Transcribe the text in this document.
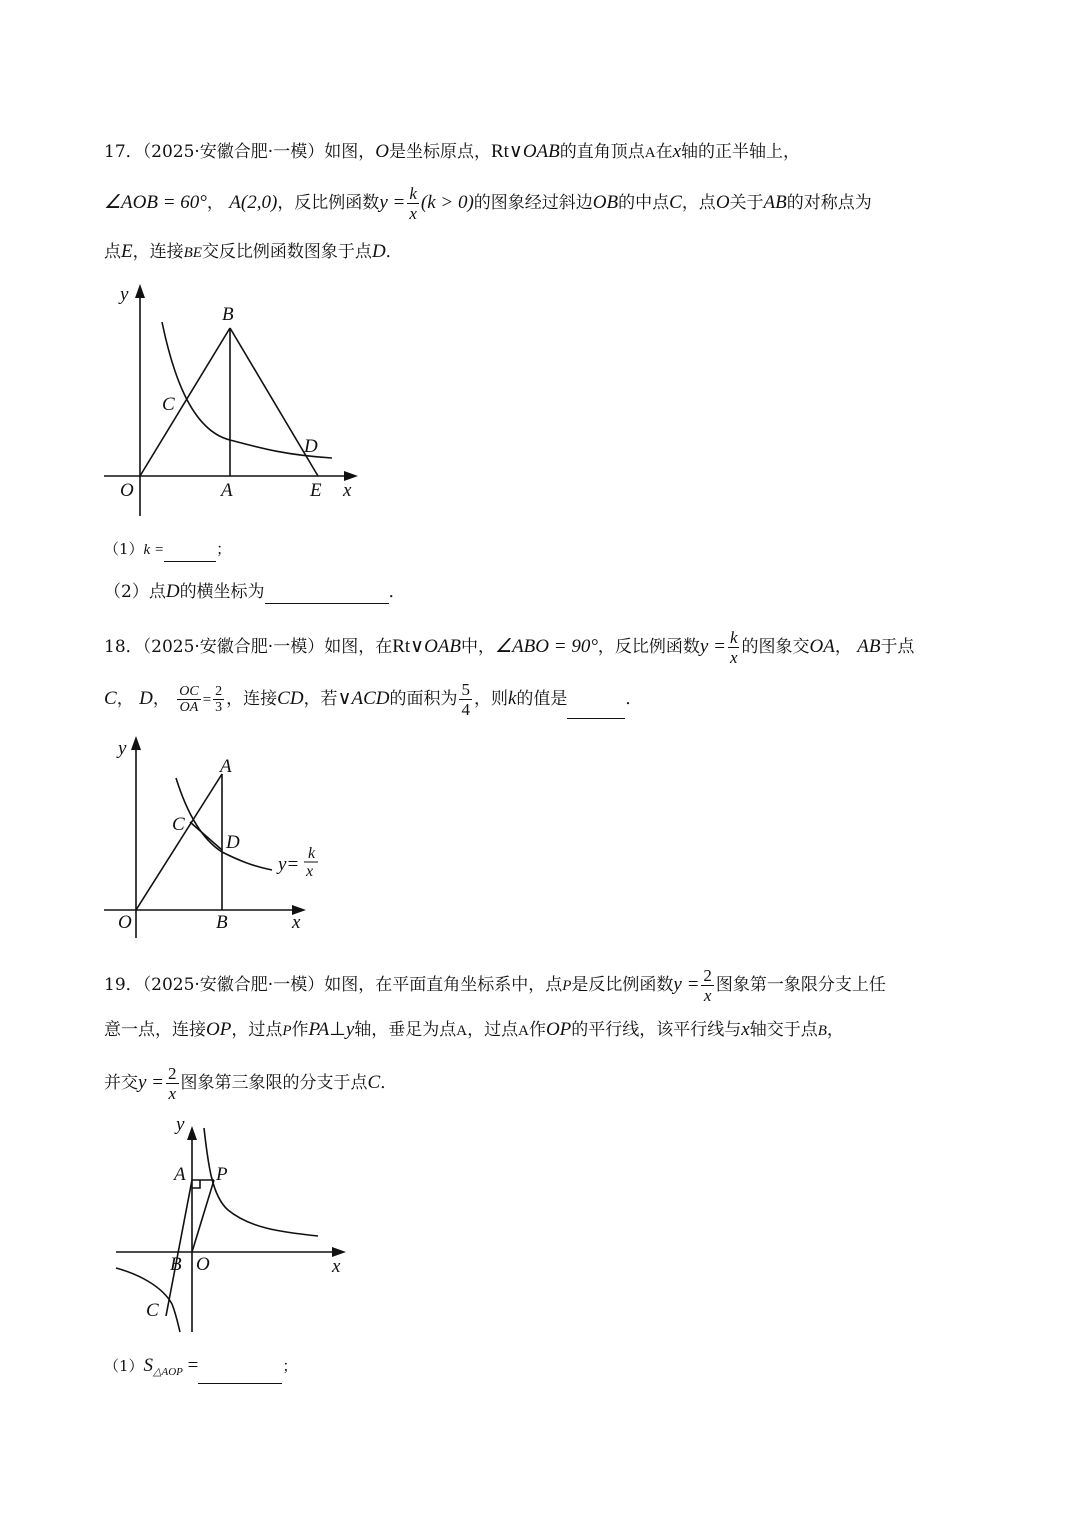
17．（2025·安徽合肥·一模）如图，O是坐标原点，Rt∨OAB的直角顶点A在x轴的正半轴上，
∠AOB = 60°， A(2,0)，反比例函数$y = \frac{k}{x} (k > 0)$的图象经过斜边OB的中点C，点O关于AB的对称点为
点E，连接BE交反比例函数图象于点D．
y
x
O	A
B
C
D
E
（1）k =	；
（2）点D的横坐标为	．
18．（2025·安徽合肥·一模）如图，在Rt∨OAB中，∠ABO = 90°，反比例函数$y = \frac{k}{x}$ 的图象交OA， AB于点
C， D， $\frac{OC}{OA} = \frac{2}{3}$ ，连接CD，若∨ACD的面积为 $\frac{5}{4}$ ，则k的值是	．
y
x
O	B
A
C
D
y=
k
x
19．（2025·安徽合肥·一模）如图，在平面直角坐标系中，点P是反比例函数$y = \frac{2}{x}$ 图象第一象限分支上任
意一点，连接OP，过点P作PA⊥y轴，垂足为点A，过点A作OP的平行线，该平行线与x轴交于点B，
并交$y = \frac{2}{x}$ 图象第三象限的分支于点C．
y
x
A P
B O
C
$(1)S_{\triangle AOP}$ =	；
